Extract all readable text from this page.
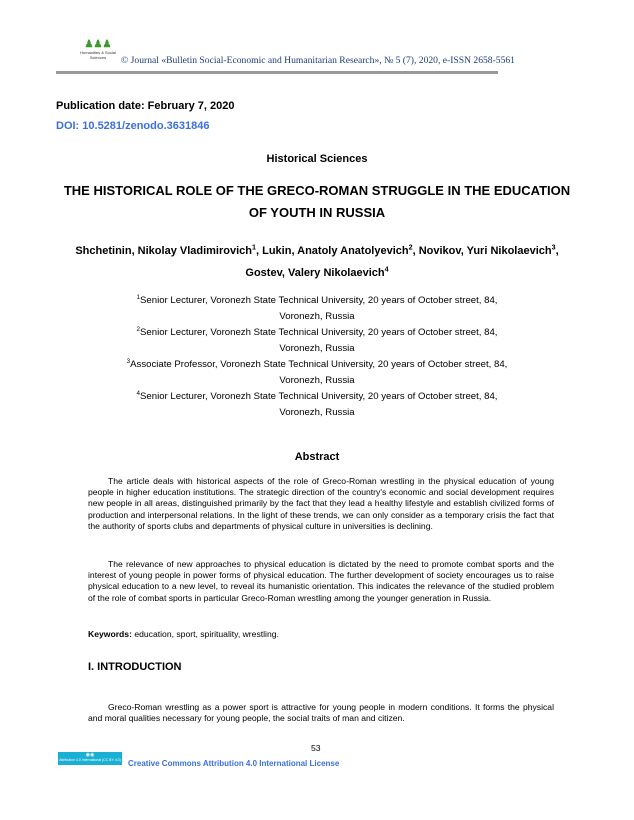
♟♟♟
Humanities & Social Sciences	© Journal «Bulletin Social-Economic and Humanitarian Research», № 5 (7), 2020, e-ISSN 2658-5561
Publication date: February 7, 2020
DOI: 10.5281/zenodo.3631846
Historical Sciences
THE HISTORICAL ROLE OF THE GRECO-ROMAN STRUGGLE IN THE EDUCATION OF YOUTH IN RUSSIA
Shchetinin, Nikolay Vladimirovich$^1$, Lukin, Anatoly Anatolyevich$^2$, Novikov, Yuri Nikolaevich$^3$, Gostev, Valery Nikolaevich$^4$
$^1$Senior Lecturer, Voronezh State Technical University, 20 years of October street, 84, Voronezh, Russia
$^2$Senior Lecturer, Voronezh State Technical University, 20 years of October street, 84, Voronezh, Russia
$^3$Associate Professor, Voronezh State Technical University, 20 years of October street, 84, Voronezh, Russia
$^4$Senior Lecturer, Voronezh State Technical University, 20 years of October street, 84, Voronezh, Russia
Abstract
The article deals with historical aspects of the role of Greco-Roman wrestling in the physical education of young people in higher education institutions. The strategic direction of the country's economic and social development requires new people in all areas, distinguished primarily by the fact that they lead a healthy lifestyle and establish civilized forms of production and interpersonal relations. In the light of these trends, we can only consider as a temporary crisis the fact that the authority of sports clubs and departments of physical culture in universities is declining.
The relevance of new approaches to physical education is dictated by the need to promote combat sports and the interest of young people in power forms of physical education. The further development of society encourages us to raise physical education to a new level, to reveal its humanistic orientation. This indicates the relevance of the studied problem of the role of combat sports in particular Greco-Roman wrestling among the younger generation in Russia.
Keywords: education, sport, spirituality, wrestling.
I. INTRODUCTION
Greco-Roman wrestling as a power sport is attractive for young people in modern conditions. It forms the physical and moral qualities necessary for young people, the social traits of man and citizen.
53
◉◉
Attribution 4.0 International (CC BY 4.0) Creative Commons Attribution 4.0 International License
